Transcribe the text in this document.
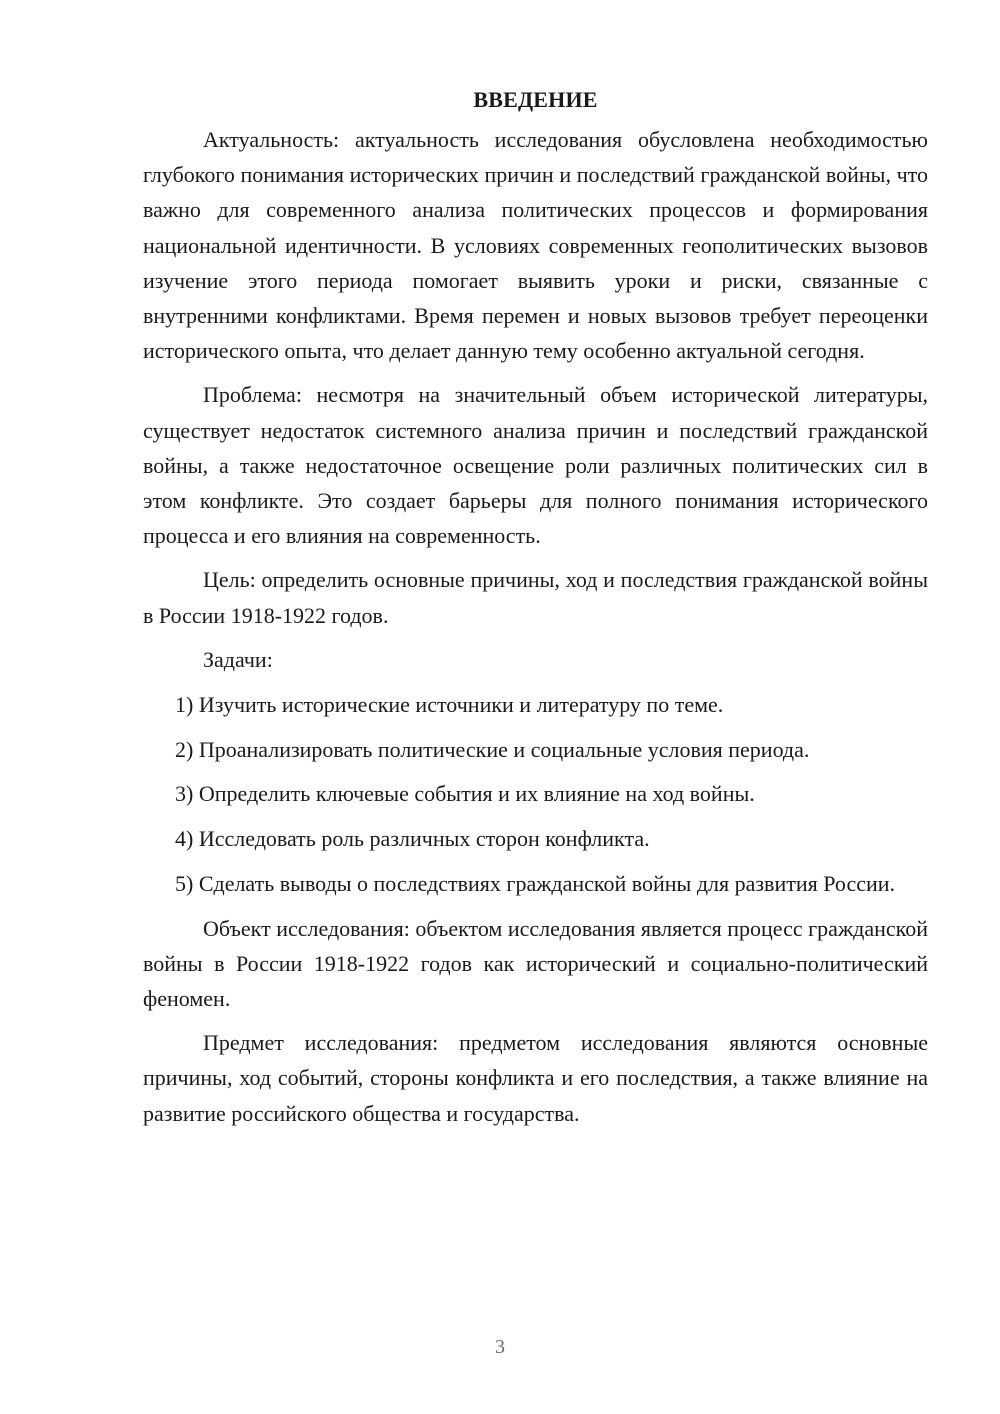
ВВЕДЕНИЕ

Актуальность: актуальность исследования обусловлена необходимостью глубокого понимания исторических причин и последствий гражданской войны, что важно для современного анализа политических процессов и формирования национальной идентичности. В условиях современных геополитических вызовов изучение этого периода помогает выявить уроки и риски, связанные с внутренними конфликтами. Время перемен и новых вызовов требует переоценки исторического опыта, что делает данную тему особенно актуальной сегодня.

Проблема: несмотря на значительный объем исторической литературы, существует недостаток системного анализа причин и последствий гражданской войны, а также недостаточное освещение роли различных политических сил в этом конфликте. Это создает барьеры для полного понимания исторического процесса и его влияния на современность.

Цель: определить основные причины, ход и последствия гражданской войны в России 1918-1922 годов.

Задачи:

1) Изучить исторические источники и литературу по теме.

2) Проанализировать политические и социальные условия периода.

3) Определить ключевые события и их влияние на ход войны.

4) Исследовать роль различных сторон конфликта.

5) Сделать выводы о последствиях гражданской войны для развития России.

Объект исследования: объектом исследования является процесс гражданской войны в России 1918-1922 годов как исторический и социально-политический феномен.

Предмет исследования: предметом исследования являются основные причины, ход событий, стороны конфликта и его последствия, а также влияние на развитие российского общества и государства.

3
